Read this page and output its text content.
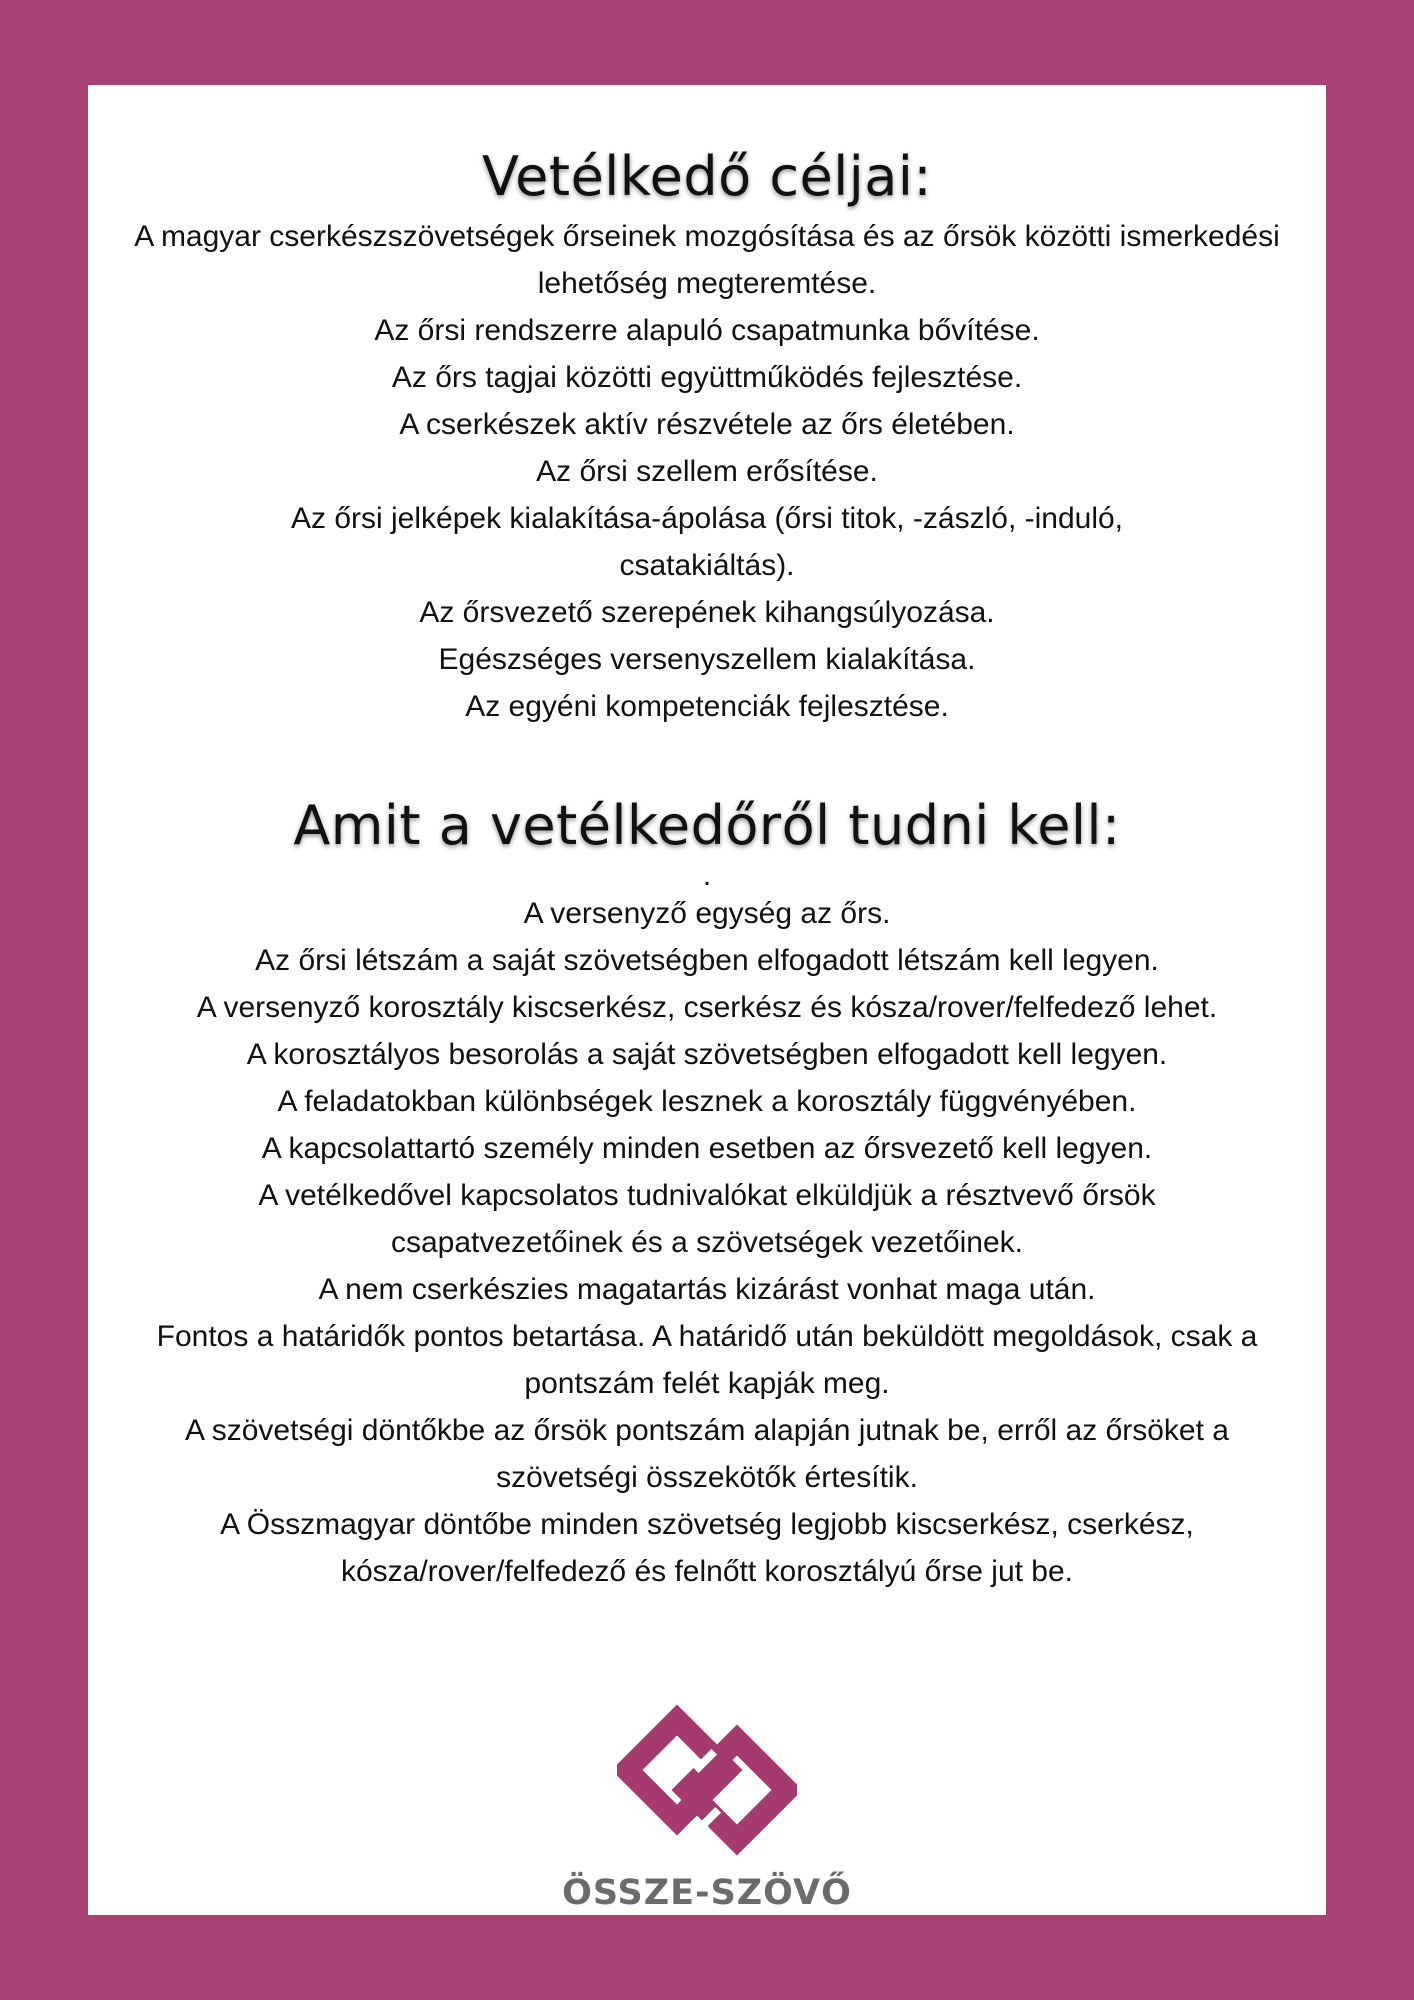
Vetélkedő céljai:

A magyar cserkészszövetségek őrseinek mozgósítása és az őrsök közötti ismerkedési lehetőség megteremtése.

Az őrsi rendszerre alapuló csapatmunka bővítése.

Az őrs tagjai közötti együttműködés fejlesztése.

A cserkészek aktív részvétele az őrs életében.

Az őrsi szellem erősítése.

Az őrsi jelképek kialakítása-ápolása (őrsi titok, -zászló, -induló, csatakiáltás).

Az őrsvezető szerepének kihangsúlyozása.

Egészséges versenyszellem kialakítása.

Az egyéni kompetenciák fejlesztése.

Amit a vetélkedőről tudni kell:

.

A versenyző egység az őrs.

Az őrsi létszám a saját szövetségben elfogadott létszám kell legyen.

A versenyző korosztály kiscserkész, cserkész és kósza/rover/felfedező lehet.

A korosztályos besorolás a saját szövetségben elfogadott kell legyen.

A feladatokban különbségek lesznek a korosztály függvényében.

A kapcsolattartó személy minden esetben az őrsvezető kell legyen.

A vetélkedővel kapcsolatos tudnivalókat elküldjük a résztvevő őrsök csapatvezetőinek és a szövetségek vezetőinek.

A nem cserkészies magatartás kizárást vonhat maga után.

Fontos a határidők pontos betartása. A határidő után beküldött megoldások, csak a pontszám felét kapják meg.

A szövetségi döntőkbe az őrsök pontszám alapján jutnak be, erről az őrsöket a szövetségi összekötők értesítik.

A Összmagyar döntőbe minden szövetség legjobb kiscserkész, cserkész, kósza/rover/felfedező és felnőtt korosztályú őrse jut be.

ÖSSZE-SZÖVŐ
